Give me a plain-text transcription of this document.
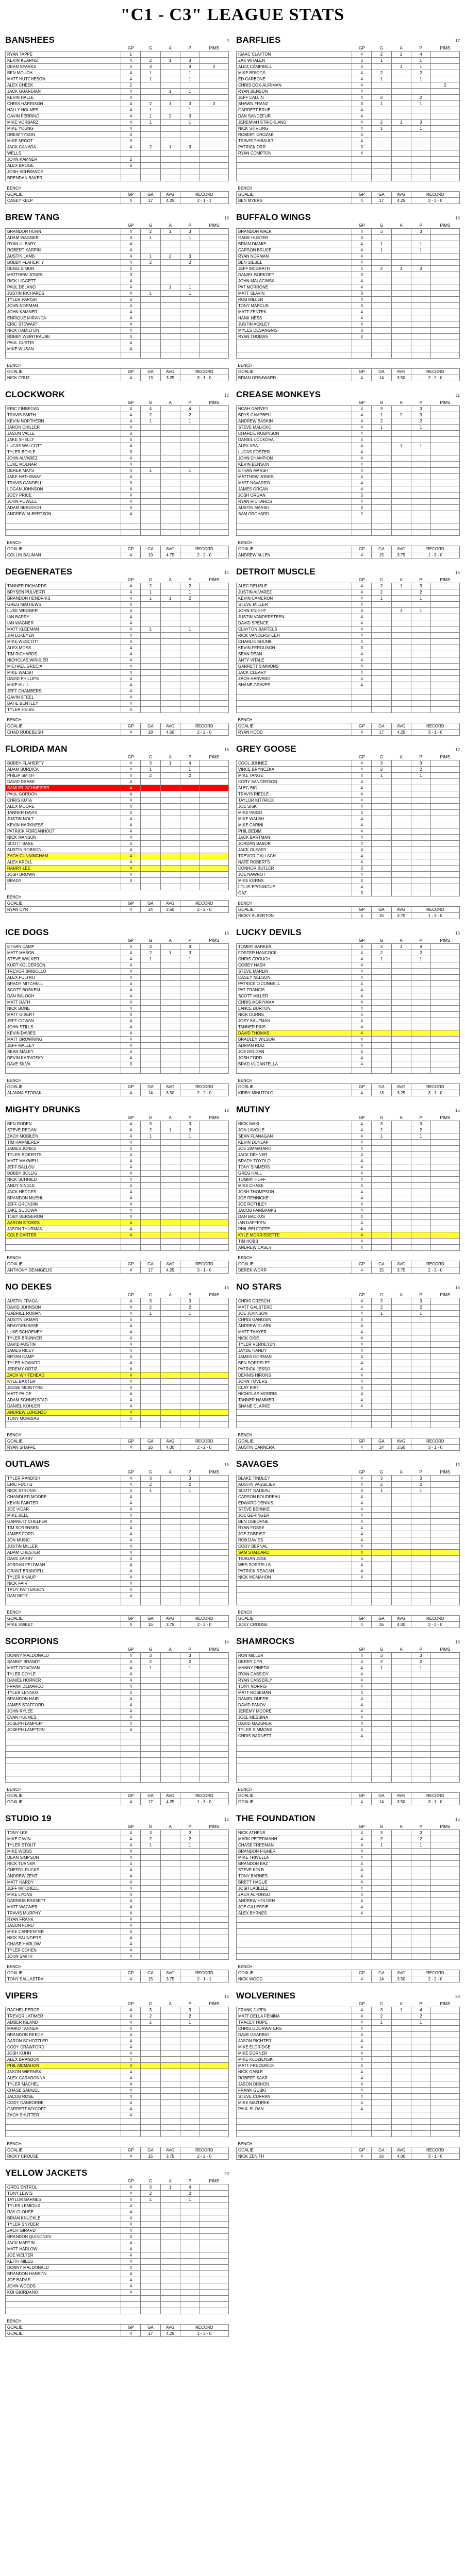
"C1 - C3" LEAGUE STATS
BANSHEES	9
	GP	G	A	P	PIMS
RYAN TAPPE	1				
KEVIN KEARNS	4	2	1	3	
DEAN SPARKS	4	3		3	2
BEN MOUCH	4	1		1	
MATT HUTCHESON	4	1		1	
ALEX CHEEK	2				
JACK GUARDIAN	4		1	1	
KEVIN HALLE	4				
CHRIS HARRISON	4	2	1	3	2
HALLY HOLMES	4	1		1	
GAVIN FERRINO	4	1	2	3	
MIKE VORBARZ	4	1		1	
MIKE YOUNG	4				
DREW TYSON	4				
MIKE ARGOT	3				
JACK CANADA	4	2	1	3	
WELLS					
JOHN KAMNER	2				
ALEX BROGE	3				
JOSH SCHWANCE					
BRENDAN BAKER					

BENCH					
GOALIE	GP	GA	AVG	RECORD	
CASEY KELP	4	17	4.25	2 - 1 - 1	
BARFLIES	17
	GP	G	A	P	PIMS
ISAAC CLAYTON	4	2	2	4	
ZAK WHALEN	3	1		1	
ALEX CAMPBELL	4		1	1	
MIKE BRIGGS	4	2		2	
ED CARBONE	4	1		1	
CHRIS COX-AURIMAN	4				2
RYAN BENSON	4				
JEFF CALLIN	4	2		2	
SHAWN FRANZ	3	1		1	
GARRETT BRUE	4				
DAN SANDEFUR	4				
JEREMIAH STRICKLAND	4	2	1	3	
NICK STIRLING	4	1		1	
ROBERT CROZAK	4				
TRAVIS THIBAULT	4				
PATRICK ORR	3				
RYAN COMPTON	4				

BENCH					
GOALIE	GP	GA	AVG	RECORD	
BEN MYERS	4	17	4.25	2 - 2 - 0	
BREW TANG	18
	GP	G	A	P	PIMS
BRANDON HORN	4	2	1	3	
ADAM WAGNER	3	1		1	
RYAN ULBARY	4				
ROBERT KARPIN	4				
AUSTIN LAMB	4	1	2	3	
BOBBY FLAHERTY	4	2		2	
DENIZ SIMON	2				
MATTHEW JONES	3				
RICK LIGGETT	4				
PAUL DELANO	4		1	1	
JUSTIN RICHARDS	4	1		1	
TYLER PARISH	3				
JOHN NORMAN	4				
JOHN KAMNER	4				
ENRIQUE MIRANDA	4				
ERIC STEWART	4				
NICK HAMILTON	4				
BOBBY WEINTRAUBE	4				
PAUL CURTIS	4				
MIKE WUSAN	4				

BENCH					
GOALIE	GP	GA	AVG	RECORD	
NICK CRUZ	4	13	3.25	3 - 1 - 0	
BUFFALO WINGS	16
	GP	G	A	P	PIMS
BRANDON WALK	4	3		3	
GAGE HUSTER	3				
BRIAN DIAMIS	4	1		1	
CARSON BRUCE	4	1		1	
RYAN NORMAN	4				
BEN SIEBEL	4				
JEFF MCGRATH	4	2	1	3	
DANIEL BORKOFF	3				
JOHN MALACINSKI	4				
PAT MORRONE	4				
MATT SLAVIN	3				
ROB MILLER	4				
TONY MARCUS	3				
MATT ZENTEK	4				
HANK HESS	4				
JUSTIN ACKLEY	4				
MYLES DESANGNIS	3				
RYAN THOMAS	2				

BENCH					
GOALIE	GP	GA	AVG	RECORD	
BRIAN ORSAWARD	4	14	3.50	2 - 2 - 0	
CLOCKWORK	12
	GP	G	A	P	PIMS
ERIC FINNEGAN	4	4		4	
TRAVIS SMITH	4	2		2	
KEVIN NORTHERN	4	1		1	
JARON CHILLER	4				
JASON VALLE	3				
JAKE SHELLY	4				
LUCAS WALCOTT	4				
TYLER BOYLE	3				
JOHN ALVAREZ	4				
LUKE MOLNAR	4				
DEREK MAYS	4	1		1	
JAKE HATHAWAY	4				
TRAVIS GANDELL	3				
LOGAN JOHNSON	4				
JOEY PRICE	4				
JOHN POWELL	4				
ADAM BERGOCH	4				
ANDREW ALBERTSON	4				

BENCH					
GOALIE	GP	GA	AVG	RECORD	
COLLIN BAUMAN	4	19	4.75	2 - 2 - 0	
CREASE MONKEYS	11
	GP	G	A	P	PIMS
NOAH GARVEY	4	3		3	
BRYS CAMPBELL	4	1	2	3	
ANDREW BASKIN	4	2		2	
STEVE MALICKO	4	1		1	
CHARLIE ROBINSON	4				
DANIEL LOCKOVA	4				
ALEX ASA	4		1	1	
LUCAS FOSTER	4				
JOHN CHAMPION	4				
KEVIN BENSON	4				
ETHAN MARSH	4				
MATTHEW JONES	4				
MATT NAVARRO	4				
JAMES ORGAN	4				
JOSH ORGAN	3				
RYAN RICHARDS	4				
AUSTIN MARSH	3				
SAM ORCHARD	2				

BENCH					
GOALIE	GP	GA	AVG	RECORD	
ANDREW ALLEN	4	15	3.75	1 - 3 - 0	
DEGENERATES	14
	GP	G	A	P	PIMS
TANNER RICHARDS	4	2		2	
BRYSEN PULVERTI	4	1		1	
BRANDON HENDRIKS	4	1	1	2	
GREG MATHEWS	4				
LUKE WEGNER	4				
IAN BARRY	4				
IAN WAGNER	4				
MATT KLEEMAN	4	1		1	
JIM LUKEYEN	4				
MIKE WESCOTT	4				
ALEX MOSS	4				
TIM RICHARDS	4				
NICHOLAS WINKLER	4				
MICHAEL GRECIA	4				
MIKE WALSH	4				
DAVID PHILLIPS	4				
MIKE HULL	4				
JEFF CHAMBERS	4				
GAVIN STEEL	4				
BAHE BENTLEY	4				
TYLER HEISS	4				

BENCH					
GOALIE	GP	GA	AVG	RECORD	
CHAD RUDEBUSH	4	18	4.50	2 - 2 - 0	
DETROIT MUSCLE	16
	GP	G	A	P	PIMS
ALEC DELISLE	4	2	1	3	
JUSTIN ALVAREZ	4	2		2	
KEVIN CAMERON	4	1		1	
STEVE MILLER	4				
JOHN KNIGHT	4		1	1	
JUSTIN VANDERSTEEN	4				
DAVID SPENCE	4				
CLAYTON BARTELS	4				
RICK VANDERSTEEN	4				
CHARLIE SHUNK	4				
KEVIN FERGUSON	3				
SEAN DEAN	4				
ANTY VITALE	4				
GARRETT SIMMONS	4				
JACK CLEARY	4				
ZACH HARVARD	4				
SHANE GRAVES	4				

BENCH					
GOALIE	GP	GA	AVG	RECORD	
RYAN HOOD	4	17	4.25	3 - 1 - 0	
FLORIDA MAN	16
	GP	G	A	P	PIMS
BOBBY FLAHERTY	4	3	1	4	
ADAM BURDICK	4	1		1	
PHILIP SMITH	4	2		2	
DAVID DRAKE	4				
SAMUEL SCHNEIDER	4				
PAUL GORDON	4				
CHRIS KUTA	4				
ALEX MOORE	4				
TANNER DAVIS	4				
JUSTIN NOLT	4				
KEVIN HARKNESS	4				
PATRICK FORDANHOOT	4				
NICK MANSON	4				
SCOTT BARE	3				
AUSTIN ROBSON	4				
ZACH CUNNINGHAM	4				
ALEX KROLL	4				
HARRY LEE	4				
JOSH BROWN	4				
BRADY	3				

BENCH					
GOALIE	GP	GA	AVG	RECORD	
RYAN CYR	4	14	3.50	2 - 2 - 0	
GREY GOOSE	12
	GP	G	A	P	PIMS
COOL JOHNEZ	4	3		3	
VINCE BRYNCZKA	4	2		2	
MIKE TANGE	4	1		1	
CORY SANDERSON	4				
ALEC BIG	4				
TRAVIS RIEDLE	4				
TAYLOR KITTRICK	4				
JOE SISK	4				
MIKE PAIGO	4				
MIKE WALSH	4				
MIKE CARINI	4				
PHIL BEDIM	4				
JACK BARTMAN	4				
JORDAN BABOR	4				
JACK OLEARY	4				
TREVOR GALLACH	4				
NATE ROBERTS	4				
CONNOR BUTLER	3				
JOE NAWROT	4				
MIKE KERNS	4				
LOUIS EPOUNGUE	4				
GAZ	3				

BENCH					
GOALIE	GP	GA	AVG	RECORD	
RICKY ALBERTON	4	15	3.75	1 - 3 - 0	
ICE DOGS	16
	GP	G	A	P	PIMS
ETHAN CAMP	4	3		3	
MATT MASON	4	2	1	3	
STEVE WALKER	4	1		1	
KURT KOLDERSON	4				
TREVOR BRIBOLLO	4				
ALEX FULTRO	4				
BRADY MITCHELL	4				
SCOTT BOSKEM	4				
DAN BALOGH	4				
MATT RATH	4				
NICK BONE	4				
MATT GIBERT	4				
JEFF COWAN	4				
JOHN STILLS	4				
KEVIN DAVIES	4				
MATT BROWNING	4				
JEFF MALLEY	4				
SEAN MALEY	4				
DEVIN KARVOSKY	4				
DAVE SILVA	3				

BENCH					
GOALIE	GP	GA	AVG	RECORD	
ALANNA STORAK	4	14	3.50	2 - 2 - 0	
LUCKY DEVILS	16
	GP	G	A	P	PIMS
TOMMY BARKER	4	3	1	4	
FOSTER HANCOCK	4	2		2	
CHRIS CROUCH	4	1		1	
COREY HASH	4				
STEVE MARLIN	4				
CASEY NELSON	4				
PATRICK O'CONNELL	4				
PAT FRANCIS	4				
SCOTT MILLER	4				
CHRIS MORIYAMA	4				
LANCE BURTON	4				
NICK DURNS	4				
JOEY KAUFMAN	4				
TANNER PINS	4				
DAVID THOMAS	4				
BRADLEY WILSON	4				
ADRIAN RUIZ	4				
JOE DELGAN	4				
JOSH FORD	4				
BRAD VUCANTELLA	4				

BENCH					
GOALIE	GP	GA	AVG	RECORD	
KIRBY MINUTOLO	4	13	3.25	3 - 1 - 0	
MIGHTY DRUNKS	18
	GP	G	A	P	PIMS
BEN RODEN	4	3		3	
STEVE REGAN	4	2	1	3	
ZACH MOBILEN	4	1		1	
TIM HAMMERER	4				
JAMES JONES	4				
TYLER ROBERTS	4				
MATT MAXWELL	4				
JEFF BALLOU	4				
BOBBY BOLLIG	4				
NICK SCHNIED	4				
ANDY SINGLE	4				
JACK HEDGES	4				
BRANDON MUEHL	4				
JEFF GRONDIN	4				
JAKE SUDOWA	4				
TOBY BERGERON	4				
AARON STOKES	4				
JASON THURMAN	4				
COLE CARTER	4				

BENCH					
GOALIE	GP	GA	AVG	RECORD	
ANTHONY DEANGELIS	4	17	4.25	3 - 1 - 0	
MUTINY	16
	GP	G	A	P	PIMS
NICK MAKI	4	3		3	
JON LAVOILE	4	2		2	
SEAN FLANAGAN	4	1		1	
KEVIN DUNLAP	4				
JOE ZIMMATARO	4				
JACK DEHNER	4				
BRADY TOYOLO	4				
TONY SIMMERS	4				
GREG HALL	4				
TOMMY HOFF	4				
MIKE CHASE	4				
JOSH THOMPSON	4				
JOE RENNICKE	4				
JOE ROTHLEY	4				
JACOB FAIRBANKS	4				
DAN BACKUS	4				
IAN DAFFERN	4				
PHIL BELFORTE	4				
KYLE MORRISSETTE	4				
TIM HOBB	4				
ANDREW CASEY	4				

BENCH					
GOALIE	GP	GA	AVG	RECORD	
DEREK WORR	4	15	3.75	2 - 2 - 0	
NO DEKES	16
	GP	G	A	P	PIMS
AUSTIN FRAGA	4	3		3	
DAVID JOHNSON	4	2		2	
GABRIEL ROMAN	4	1		1	
AUSTIN EKMAN	4				
BRAYDEN WISE	4				
LUKE SCHOENEY	4				
TYLER BRUNNER	4				
DAVID AUSTIN	4				
JAMES RILEY	4				
BRYAN CAMP	4				
TYLER HOWARD	4				
JEREMY ORTIZ	4				
ZACH WHITEHEAD	4				
KYLE BAXTER	4				
JESSE MCINTYRE	4				
MATT PAIGE	4				
ADAM SCHNELSTAD	4				
DANIEL KOHLER	4				
ANDREW LORENZO	4				
TONY MORDIAS	4				

BENCH					
GOALIE	GP	GA	AVG	RECORD	
RYAN SHAFFE	4	16	4.00	2 - 2 - 0	
NO STARS	16
	GP	G	A	P	PIMS
CHRIS GRESCH	4	3		3	
MATT GALSTERE	4	2		2	
JOE JOHNSON	4	1		1	
CHRIS GANGSIN	4				
ANDREW CLARK	4				
MATT THAYER	4				
NICK OKIE	4				
TYLER VERHEYEN	4				
JAYDE HANDY	4				
JAMES GORMAN	4				
BEN SORDELET	4				
PATRICK JESSO	4				
DENNIS HIRONS	4				
JOHN TOVERS	4				
CLAY KIRT	4				
NICHOLAS MORRIS	4				
TANNER HAMMER	4				
SHANE CLARKE	4				

BENCH					
GOALIE	GP	GA	AVG	RECORD	
AUSTIN CARNERA	4	14	3.50	3 - 1 - 0	
OUTLAWS	16
	GP	G	A	P	PIMS
TYLER RANDISH	4	3		3	
ERIC FUCHS	4	2		2	
NICK STRONG	4	1		1	
CHANDLER MOORE	4				
KEVIN PAINTER	4				
JOE VIDAR	4				
MIKE BELL	4				
GARRETT CHELFER	4				
TIM SORENSEN	4				
JAMES FORD	4				
JON MUSIC	4				
JUSTIN MILLER	4				
ADAM CHESTER	4				
DAVE ZARBY	4				
JORDAN FELDMAN	4				
GRANT BRANDELL	4				
TYLER KNAUP	4				
NICK FAIR	4				
TROY PATTERSON	4				
DAN NETZ	4				

BENCH					
GOALIE	GP	GA	AVG	RECORD	
MIKE SWEET	4	15	3.75	2 - 2 - 0	
SAVAGES	15
	GP	G	A	P	PIMS
BLAKE TINDLEY	4	3		3	
AUSTIN VASSILIEV	4	2		2	
SCOTT NADEAU	4	1		1	
CARSON BOUDREAU	4				
EDWARD DENNIS	4				
STEVE BEHNKE	4				
JOE GERINGER	4				
BEN OSBORNE	4				
RYAN FOSSE	4				
JOE ZOBRIST	4				
ROB DAVIES	4				
CODY BERNAL	4				
SAM STALLARD	4				
TEAGAN JESE	4				
WES SORRELLS	4				
PATRICK REAGAN	4				
NICK MCMAHON	4				

BENCH					
GOALIE	GP	GA	AVG	RECORD	
JOEY CROUSE	4	16	4.00	2 - 2 - 0	
SCORPIONS	14
	GP	G	A	P	PIMS
DONNY MALDONALD	4	3		3	
SAMMY BRANDT	4	2		2	
MATT DONOVAN	4	1		1	
TYLER COYLE	4				
DANIEL HORNER	4				
FRANK DEMARCO	4				
TYLER LENNOX	4				
BRANDON HAIR	4				
JAMES STAFFORD	4				
JOHN RYLEE	4				
EVAN HULMES	4				
JOSEPH LAMPERT	4				
JOSEPH LAMPTON	4				

BENCH					
GOALIE	GP	GA	AVG	RECORD	
GOALIE	4	17	4.25	1 - 3 - 0	
SHAMROCKS	16
	GP	G	A	P	PIMS
RON MILLER	4	3		3	
DERRY CYR	4	2		2	
MANNY PINEDA	4	1		1	
RYAN CASSIDY	4				
RYAN CASSERLY	4				
TONY NORRIS	4				
MATT ROSEMAN	4				
DANIEL DUPRE	4				
DAVID PANOV	4				
JEREMY MOORE	4				
JOEL MESSINA	4				
DAVID MAZUREK	4				
TYLER SIMMONS	4				
CHRIS BARNETT	4				

BENCH					
GOALIE	GP	GA	AVG	RECORD	
GOALIE	4	14	3.50	3 - 1 - 0	
STUDIO 19	16
	GP	G	A	P	PIMS
TONY LEE	4	3		3	
MIKE CAVIN	4	2		2	
TYLER STOUT	4	1		1	
MIKE WEISS	4				
DEAN SIMPSON	4				
RICK TURNER	4				
CHERYL RUCKS	4				
ANDREW ZENT	4				
MATT HARDY	4				
JEFF MITCHELL	4				
MIKE LYONS	4				
DARRIUS BASSETT	4				
MATT WAGNER	4				
TRAVIS MURPHY	4				
RYAN FRANK	4				
JASON FORD	4				
MIKE CARPENTER	4				
NICK SAUNDERS	4				
CHASE HARLOW	4				
TYLER COHEN	4				
JOHN SMITH	4				

BENCH					
GOALIE	GP	GA	AVG	RECORD	
TONY SALLASTRA	4	15	3.75	2 - 1 - 1	
THE FOUNDATION	16
	GP	G	A	P	PIMS
NICK ATHENS	4	3		3	
MARK PETERMANN	4	2		2	
CHASE FREEMAN	4	1		1	
BRANDON FIGNER	4				
MIKE TRIVELLA	4				
BRANDON BAZ	4				
STEVE KOLB	4				
TONY BARNES	4				
BRETT HAGUE	4				
JOSH LABELLE	4				
ZACH ALFONSO	4				
ANDREW HOLDEN	4				
JOE GILLESPIE	4				
ALEX BYRNES	4				

BENCH					
GOALIE	GP	GA	AVG	RECORD	
NICK WOOD	4	14	3.50	2 - 2 - 0	
VIPERS	16
	GP	G	A	P	PIMS
RACHEL PERCE	4	3		3	
TREVOR LATIMER	4	2		2	
AMBER ISLAND	4	1		1	
MARIO TANNER	4				
BRANDON REECE	4				
AARON SCHOTZLER	4				
CODY CRAWFORD	4				
JOSH KUHN	4				
ALEX BRANDON	4				
PHIL MCMAHON	4				
JASON WIERNSKI	4				
ALEX CARADONNA	4				
TYLER MACHEL	4				
CHASE SAMUEL	4				
JACOB ROSE	4				
CODY DANBORNE	4				
GARRETT WYCOFF	4				
ZACH SHUTTER	4				

BENCH					
GOALIE	GP	GA	AVG	RECORD	
RICKY CROUSE	4	15	3.75	2 - 2 - 0	
WOLVERINES	20
	GP	G	A	P	PIMS
FRANK JUPPA	4	3	1	4	
MATT DELLA FEMINA	4	2		2	
TRACEY HOPE	4	1		1	
CHRIS ODORWATERS	4				
DAVE GEARING	4				
JASON RICHTER	4				
MIKE ELDRIDGE	4				
MIKE DORNER	4				
MIKE KLOZIENSKI	4				
MATT FREDERICK	4				
NICK GABLE	4				
ROBERT SAAR	4				
JASON DISHON	4				
FRANK GUSKI	4				
STEVE CURRAN	4				
MIKE MAZUREK	4				
PAUL SLOAN	4				

BENCH					
GOALIE	GP	GA	AVG	RECORD	
NICK ZENITH	4	16	4.00	3 - 1 - 0	
YELLOW JACKETS	20
	GP	G	A	P	PIMS
GREG ENTROL	4	3	1	4	
TONY LEWIS	4	2		2	
TAYLOR BARNES	4	1		1	
TYLER LEMIOUX	4				
RAY CLOUSE	4				
BRIAN KNUCKLE	4				
TYLER SNYDER	4				
ZACH GIRARD	4				
BRANDON QUINONES	4				
JACK MARTIN	4				
MATT HARLOW	4				
JOE WELTER	4				
KEITH MILES	4				
DONNY MALDONALD	4				
BRANDON HANSON	4				
JOE BARAS	4				
JOHN WOODS	4				
KOI GIORDANO	4				

BENCH					
GOALIE	GP	GA	AVG	RECORD	
GOALIE	4	17	4.25	1 - 3 - 0	
